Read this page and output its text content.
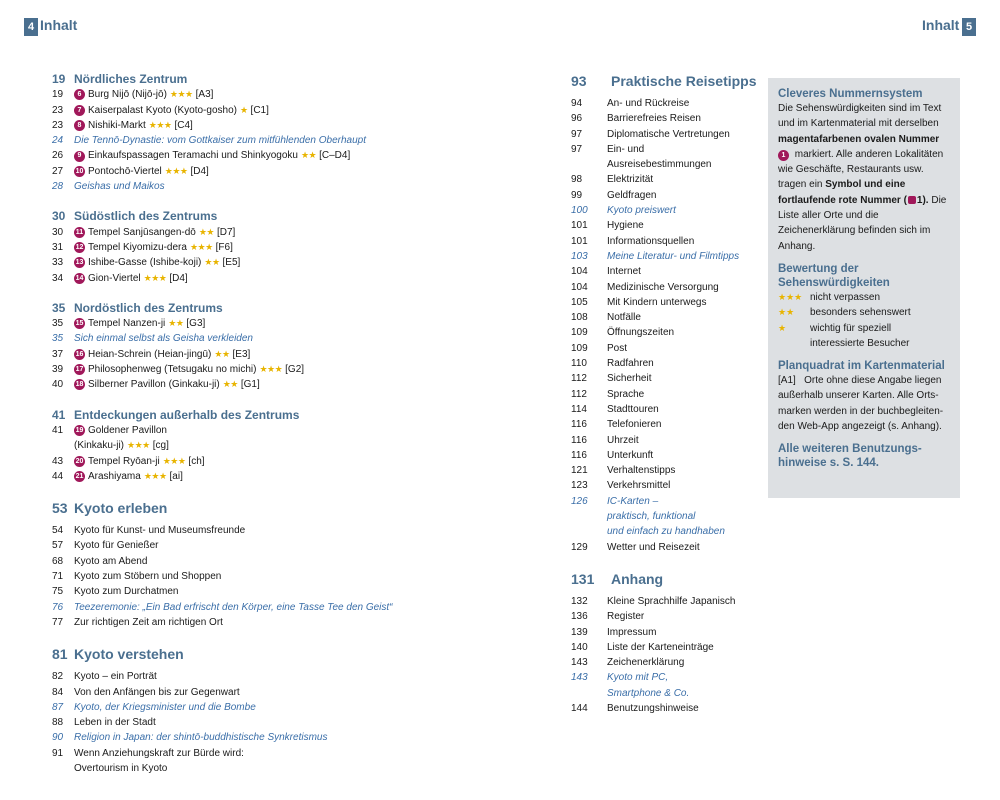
4 Inhalt	Inhalt 5
19 Nördliches Zentrum
19	6 Burg Nijō (Nijō-jō) ★★★ [A3]
23	7 Kaiserpalast Kyoto (Kyoto-gosho) ★ [C1]
23	8 Nishiki-Markt ★★★ [C4]
24	Die Tennō-Dynastie: vom Gottkaiser zum mitfühlenden Oberhaupt
26	9 Einkaufspassagen Teramachi und Shinkyogoku ★★ [C–D4]
27	10 Pontochō-Viertel ★★★ [D4]
28	Geishas und Maikos
30 Südöstlich des Zentrums
30	11 Tempel Sanjūsangen-dō ★★ [D7]
31	12 Tempel Kiyomizu-dera ★★★ [F6]
33	13 Ishibe-Gasse (Ishibe-koji) ★★ [E5]
34	14 Gion-Viertel ★★★ [D4]
35 Nordöstlich des Zentrums
35	15 Tempel Nanzen-ji ★★ [G3]
35	Sich einmal selbst als Geisha verkleiden
37	16 Heian-Schrein (Heian-jingū) ★★ [E3]
39	17 Philosophenweg (Tetsugaku no michi) ★★★ [G2]
40	18 Silberner Pavillon (Ginkaku-ji) ★★ [G1]
41 Entdeckungen außerhalb des Zentrums
41	19 Goldener Pavillon
(Kinkaku-ji) ★★★ [cg]
43	20 Tempel Ryōan-ji ★★★ [ch]
44	21 Arashiyama ★★★ [ai]
53 Kyoto erleben
54	Kyoto für Kunst- und Museumsfreunde
57	Kyoto für Genießer
68	Kyoto am Abend
71	Kyoto zum Stöbern und Shoppen
75	Kyoto zum Durchatmen
76	Teezeremonie: „Ein Bad erfrischt den Körper, eine Tasse Tee den Geist“
77	Zur richtigen Zeit am richtigen Ort
81 Kyoto verstehen
82	Kyoto – ein Porträt
84	Von den Anfängen bis zur Gegenwart
87	Kyoto, der Kriegsminister und die Bombe
88	Leben in der Stadt
90	Religion in Japan: der shintō-buddhistische Synkretismus
91	Wenn Anziehungskraft zur Bürde wird:
Overtourism in Kyoto
93	Praktische Reisetipps
94	An- und Rückreise
96	Barrierefreies Reisen
97	Diplomatische Vertretungen
97	Ein- und
Ausreisebestimmungen
98	Elektrizität
99	Geldfragen
100	Kyoto preiswert
101	Hygiene
101	Informationsquellen
103	Meine Literatur- und Filmtipps
104	Internet
104	Medizinische Versorgung
105	Mit Kindern unterwegs
108	Notfälle
109	Öffnungszeiten
109	Post
110	Radfahren
112	Sicherheit
112	Sprache
114	Stadttouren
116	Telefonieren
116	Uhrzeit
116	Unterkunft
121	Verhaltenstipps
123	Verkehrsmittel
126	IC-Karten –
praktisch, funktional
und einfach zu handhaben
129	Wetter und Reisezeit
131	Anhang
132	Kleine Sprachhilfe Japanisch
136	Register
139	Impressum
140	Liste der Karteneinträge
143	Zeichenerklärung
143	Kyoto mit PC,
Smartphone & Co.
144	Benutzungshinweise
Cleveres Nummernsystem
Die Sehenswürdigkeiten sind im Text und im Kartenmaterial mit derselben magentafarbenen ovalen Nummer 1 markiert. Alle anderen Lokalitäten wie Geschäfte, Restaurants usw. tragen ein Symbol und eine fortlaufende rote Nummer ( 1). Die Liste aller Orte und die Zeichenerklärung befinden sich im Anhang.
Bewertung der Sehenswürdigkeiten
★★★ nicht verpassen
★★	besonders sehenswert
★	wichtig für speziell
interessierte Besucher
Planquadrat im Kartenmaterial
[A1] Orte ohne diese Angabe liegen außerhalb unserer Karten. Alle Orts- marken werden in der buchbegleiten- den Web-App angezeigt (s. Anhang).
Alle weiteren Benutzungs- hinweise s. S. 144.
